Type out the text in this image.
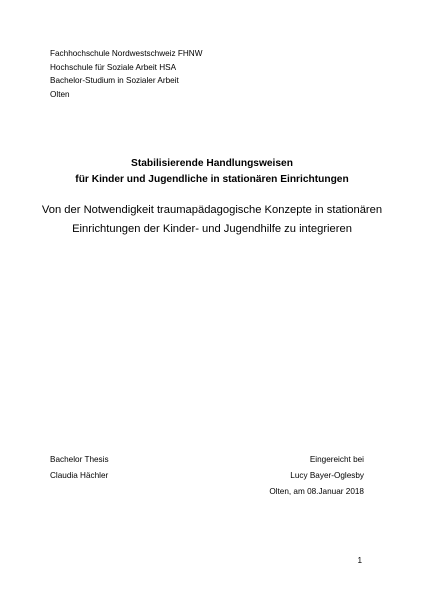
Fachhochschule Nordwestschweiz FHNW
Hochschule für Soziale Arbeit HSA
Bachelor-Studium in Sozialer Arbeit
Olten
Stabilisierende Handlungsweisen
für Kinder und Jugendliche in stationären Einrichtungen
Von der Notwendigkeit traumapädagogische Konzepte in stationären
Einrichtungen der Kinder- und Jugendhilfe zu integrieren
Bachelor Thesis
Claudia Hächler
Eingereicht bei
Lucy Bayer-Oglesby
Olten, am 08.Januar 2018
1
